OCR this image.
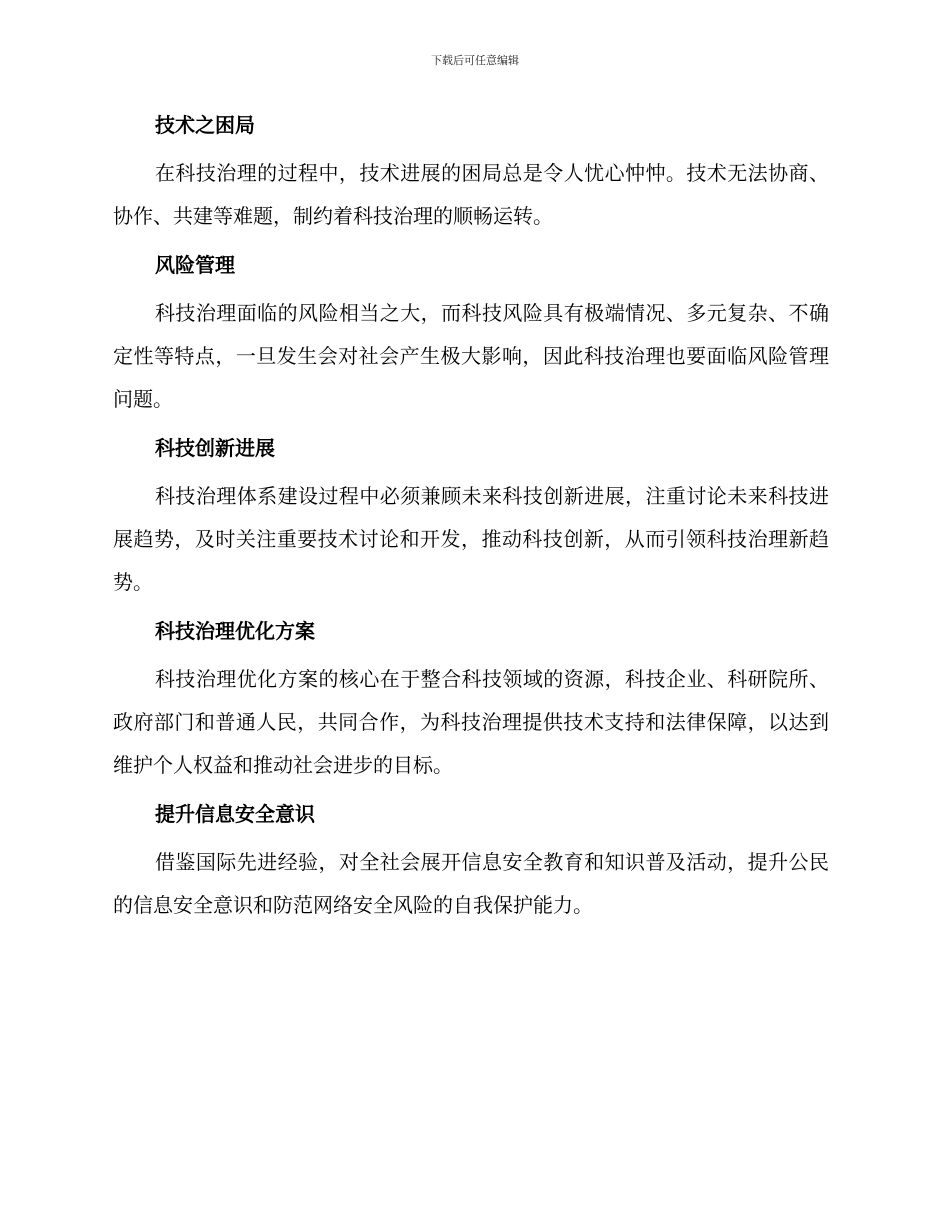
下载后可任意编辑
技术之困局

在科技治理的过程中，技术进展的困局总是令人忧心忡忡。技术无法协商、协作、共建等难题，制约着科技治理的顺畅运转。

风险管理

科技治理面临的风险相当之大，而科技风险具有极端情况、多元复杂、不确定性等特点，一旦发生会对社会产生极大影响，因此科技治理也要面临风险管理问题。

科技创新进展

科技治理体系建设过程中必须兼顾未来科技创新进展，注重讨论未来科技进展趋势，及时关注重要技术讨论和开发，推动科技创新，从而引领科技治理新趋势。

科技治理优化方案

科技治理优化方案的核心在于整合科技领域的资源，科技企业、科研院所、政府部门和普通人民，共同合作，为科技治理提供技术支持和法律保障，以达到维护个人权益和推动社会进步的目标。

提升信息安全意识

借鉴国际先进经验，对全社会展开信息安全教育和知识普及活动，提升公民的信息安全意识和防范网络安全风险的自我保护能力。
